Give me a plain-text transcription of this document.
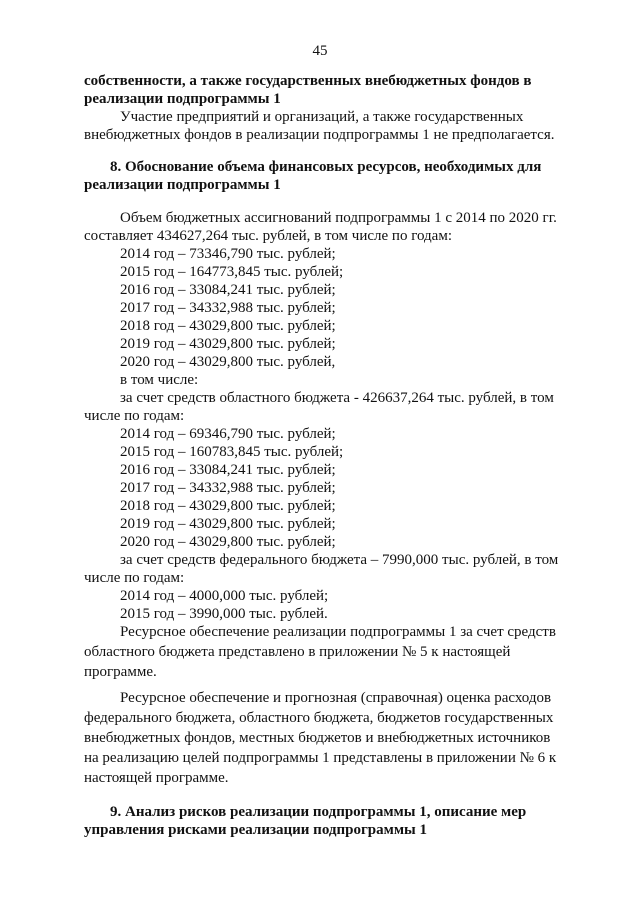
45
собственности, а также государственных внебюджетных фондов в
реализации подпрограммы 1
Участие предприятий и организаций, а также государственных
внебюджетных фондов в реализации подпрограммы 1 не предполагается.
8. Обоснование объема финансовых ресурсов, необходимых для
реализации подпрограммы 1
Объем бюджетных ассигнований подпрограммы 1 с 2014 по 2020 гг.
составляет 434627,264 тыс. рублей, в том числе по годам:
2014 год – 73346,790 тыс. рублей;
2015 год – 164773,845 тыс. рублей;
2016 год – 33084,241 тыс. рублей;
2017 год – 34332,988 тыс. рублей;
2018 год – 43029,800 тыс. рублей;
2019 год – 43029,800 тыс. рублей;
2020 год – 43029,800 тыс. рублей,
в том числе:
за счет средств областного бюджета - 426637,264 тыс. рублей, в том
числе по годам:
2014 год – 69346,790 тыс. рублей;
2015 год – 160783,845 тыс. рублей;
2016 год – 33084,241 тыс. рублей;
2017 год – 34332,988 тыс. рублей;
2018 год – 43029,800 тыс. рублей;
2019 год – 43029,800 тыс. рублей;
2020 год – 43029,800 тыс. рублей;
за счет средств федерального бюджета – 7990,000 тыс. рублей, в том
числе по годам:
2014 год – 4000,000 тыс. рублей;
2015 год – 3990,000 тыс. рублей.
Ресурсное обеспечение реализации подпрограммы 1 за счет средств
областного бюджета представлено в приложении № 5 к настоящей
программе.
Ресурсное обеспечение и прогнозная (справочная) оценка расходов
федерального бюджета, областного бюджета, бюджетов государственных
внебюджетных фондов, местных бюджетов и внебюджетных источников
на реализацию целей подпрограммы 1 представлены в приложении № 6 к
настоящей программе.
9. Анализ рисков реализации подпрограммы 1, описание мер
управления рисками реализации подпрограммы 1
